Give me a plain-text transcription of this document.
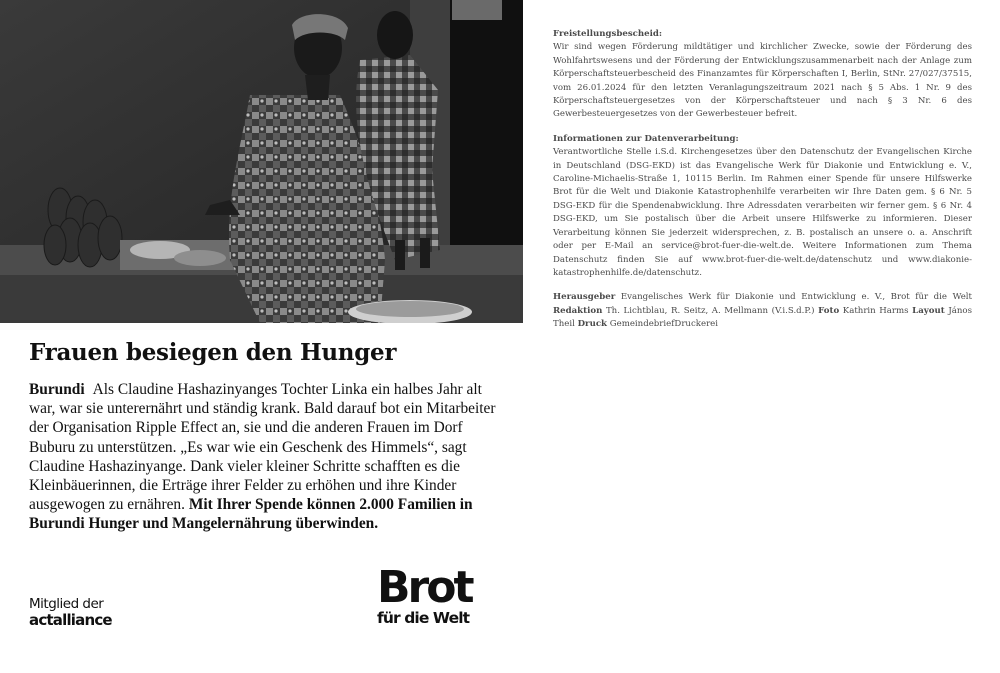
Frauen besiegen den Hunger

Burundi Als Claudine Hashazinyanges Tochter Linka ein halbes Jahr alt war, war sie unterernährt und ständig krank. Bald darauf bot ein Mitarbeiter der Organisation Ripple Effect an, sie und die anderen Frauen im Dorf Buburu zu unterstützen. „Es war wie ein Geschenk des Himmels“, sagt Claudine Hashazinyange. Dank vieler kleiner Schritte schafften es die Kleinbäuerinnen, die Erträge ihrer Felder zu erhöhen und ihre Kinder ausgewogen zu ernähren. Mit Ihrer Spende können 2.000 Familien in Burundi Hunger und Mangelernährung überwinden.

Freistellungsbescheid:
Wir sind wegen Förderung mildtätiger und kirchlicher Zwecke, sowie der Förderung des Wohlfahrtswesens und der Förderung der Entwicklungszusammenarbeit nach der Anlage zum Körperschaftsteuerbescheid des Finanzamtes für Körperschaften I, Berlin, StNr. 27/027/37515, vom 26.01.2024 für den letzten Veranlagungszeitraum 2021 nach § 5 Abs. 1 Nr. 9 des Körperschaftsteuergesetzes von der Körperschaftsteuer und nach § 3 Nr. 6 des Gewerbesteuergesetzes von der Gewerbesteuer befreit.

Informationen zur Datenverarbeitung:
Verantwortliche Stelle i.S.d. Kirchengesetzes über den Datenschutz der Evangelischen Kirche in Deutschland (DSG-EKD) ist das Evangelische Werk für Diakonie und Entwicklung e. V., Caroline-Michaelis-Straße 1, 10115 Berlin. Im Rahmen einer Spende für unsere Hilfswerke Brot für die Welt und Diakonie Katastrophenhilfe verarbeiten wir Ihre Daten gem. § 6 Nr. 5 DSG-EKD für die Spendenabwicklung. Ihre Adressdaten verarbeiten wir ferner gem. § 6 Nr. 4 DSG-EKD, um Sie postalisch über die Arbeit unsere Hilfswerke zu informieren. Dieser Verarbeitung können Sie jederzeit widersprechen, z. B. postalisch an unsere o. a. Anschrift oder per E-Mail an service@brot-fuer-die-welt.de. Weitere Informationen zum Thema Datenschutz finden Sie auf www.brot-fuer-die-welt.de/datenschutz und www.diakonie-katastrophenhilfe.de/datenschutz.

Herausgeber Evangelisches Werk für Diakonie und Entwicklung e. V., Brot für die Welt Redaktion Th. Lichtblau, R. Seitz, A. Mellmann (V.i.S.d.P.) Foto Kathrin Harms Layout János Theil Druck GemeindebriefDruckerei

Mitglied der
actalliance
Brot
für die Welt
